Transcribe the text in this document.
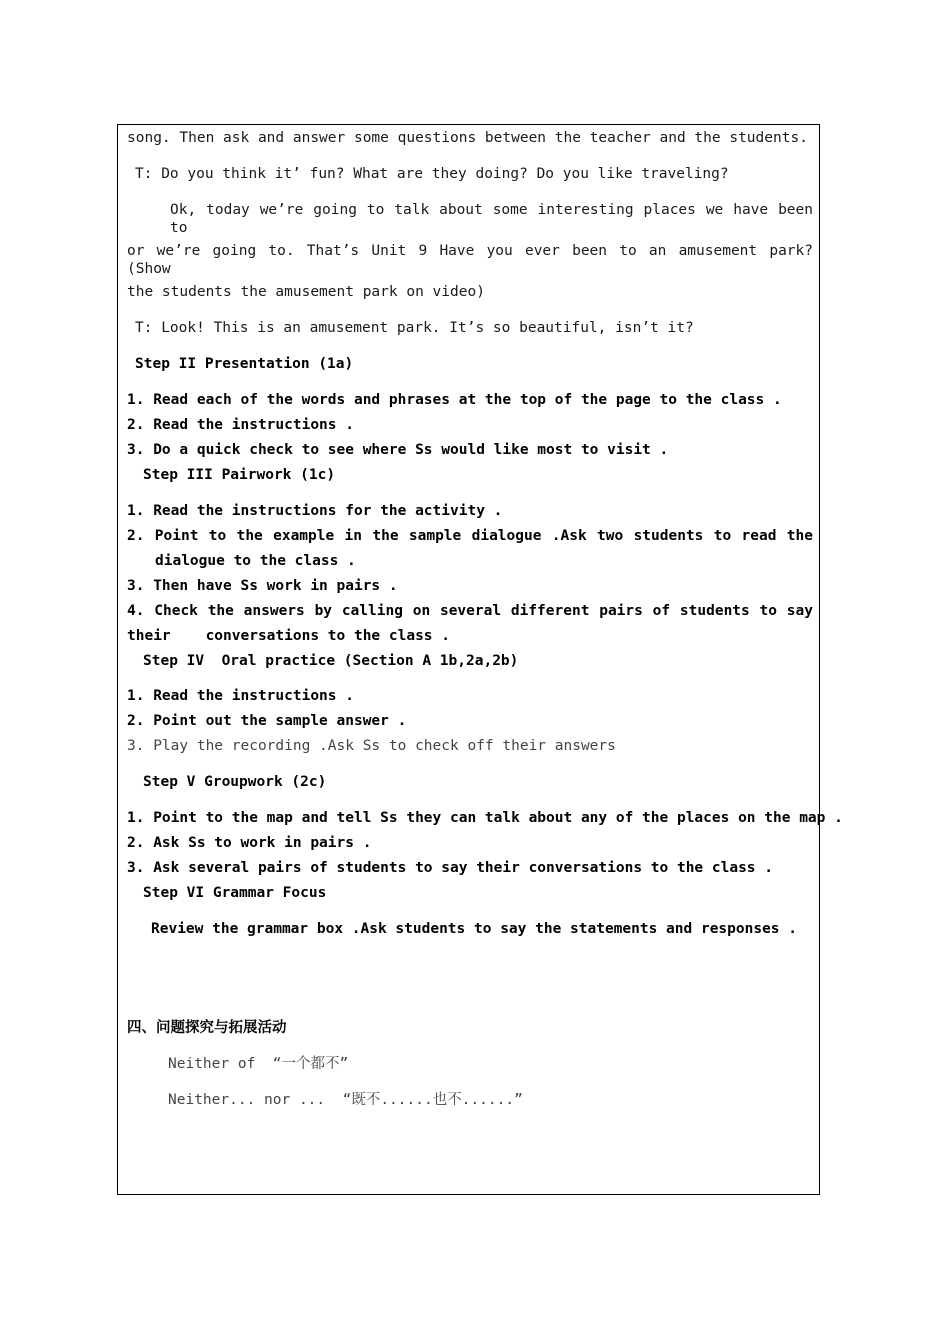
song. Then ask and answer some questions between the teacher and the students.
T: Do you think it’ fun? What are they doing? Do you like traveling?
Ok, today we’re going to talk about some interesting places we have been to
or we’re going to. That’s Unit 9 Have you ever been to an amusement park? (Show
the students the amusement park on video)
T: Look! This is an amusement park. It’s so beautiful, isn’t it?
Step II Presentation (1a)
1. Read each of the words and phrases at the top of the page to the class .
2. Read the instructions .
3. Do a quick check to see where Ss would like most to visit .
Step III Pairwork (1c)
1. Read the instructions for the activity .
2. Point to the example in the sample dialogue .Ask two students to read the
dialogue to the class .
3. Then have Ss work in pairs .
4. Check the answers by calling on several different pairs of students to say
their    conversations to the class .
Step IV  Oral practice (Section A 1b,2a,2b)
1. Read the instructions .
2. Point out the sample answer .
3. Play the recording .Ask Ss to check off their answers
Step V Groupwork (2c)
1. Point to the map and tell Ss they can talk about any of the places on the map .
2. Ask Ss to work in pairs .
3. Ask several pairs of students to say their conversations to the class .
Step VI Grammar Focus
Review the grammar box .Ask students to say the statements and responses .
四、问题探究与拓展活动
Neither of  “一个都不”
Neither... nor ...  “既不......也不......”
